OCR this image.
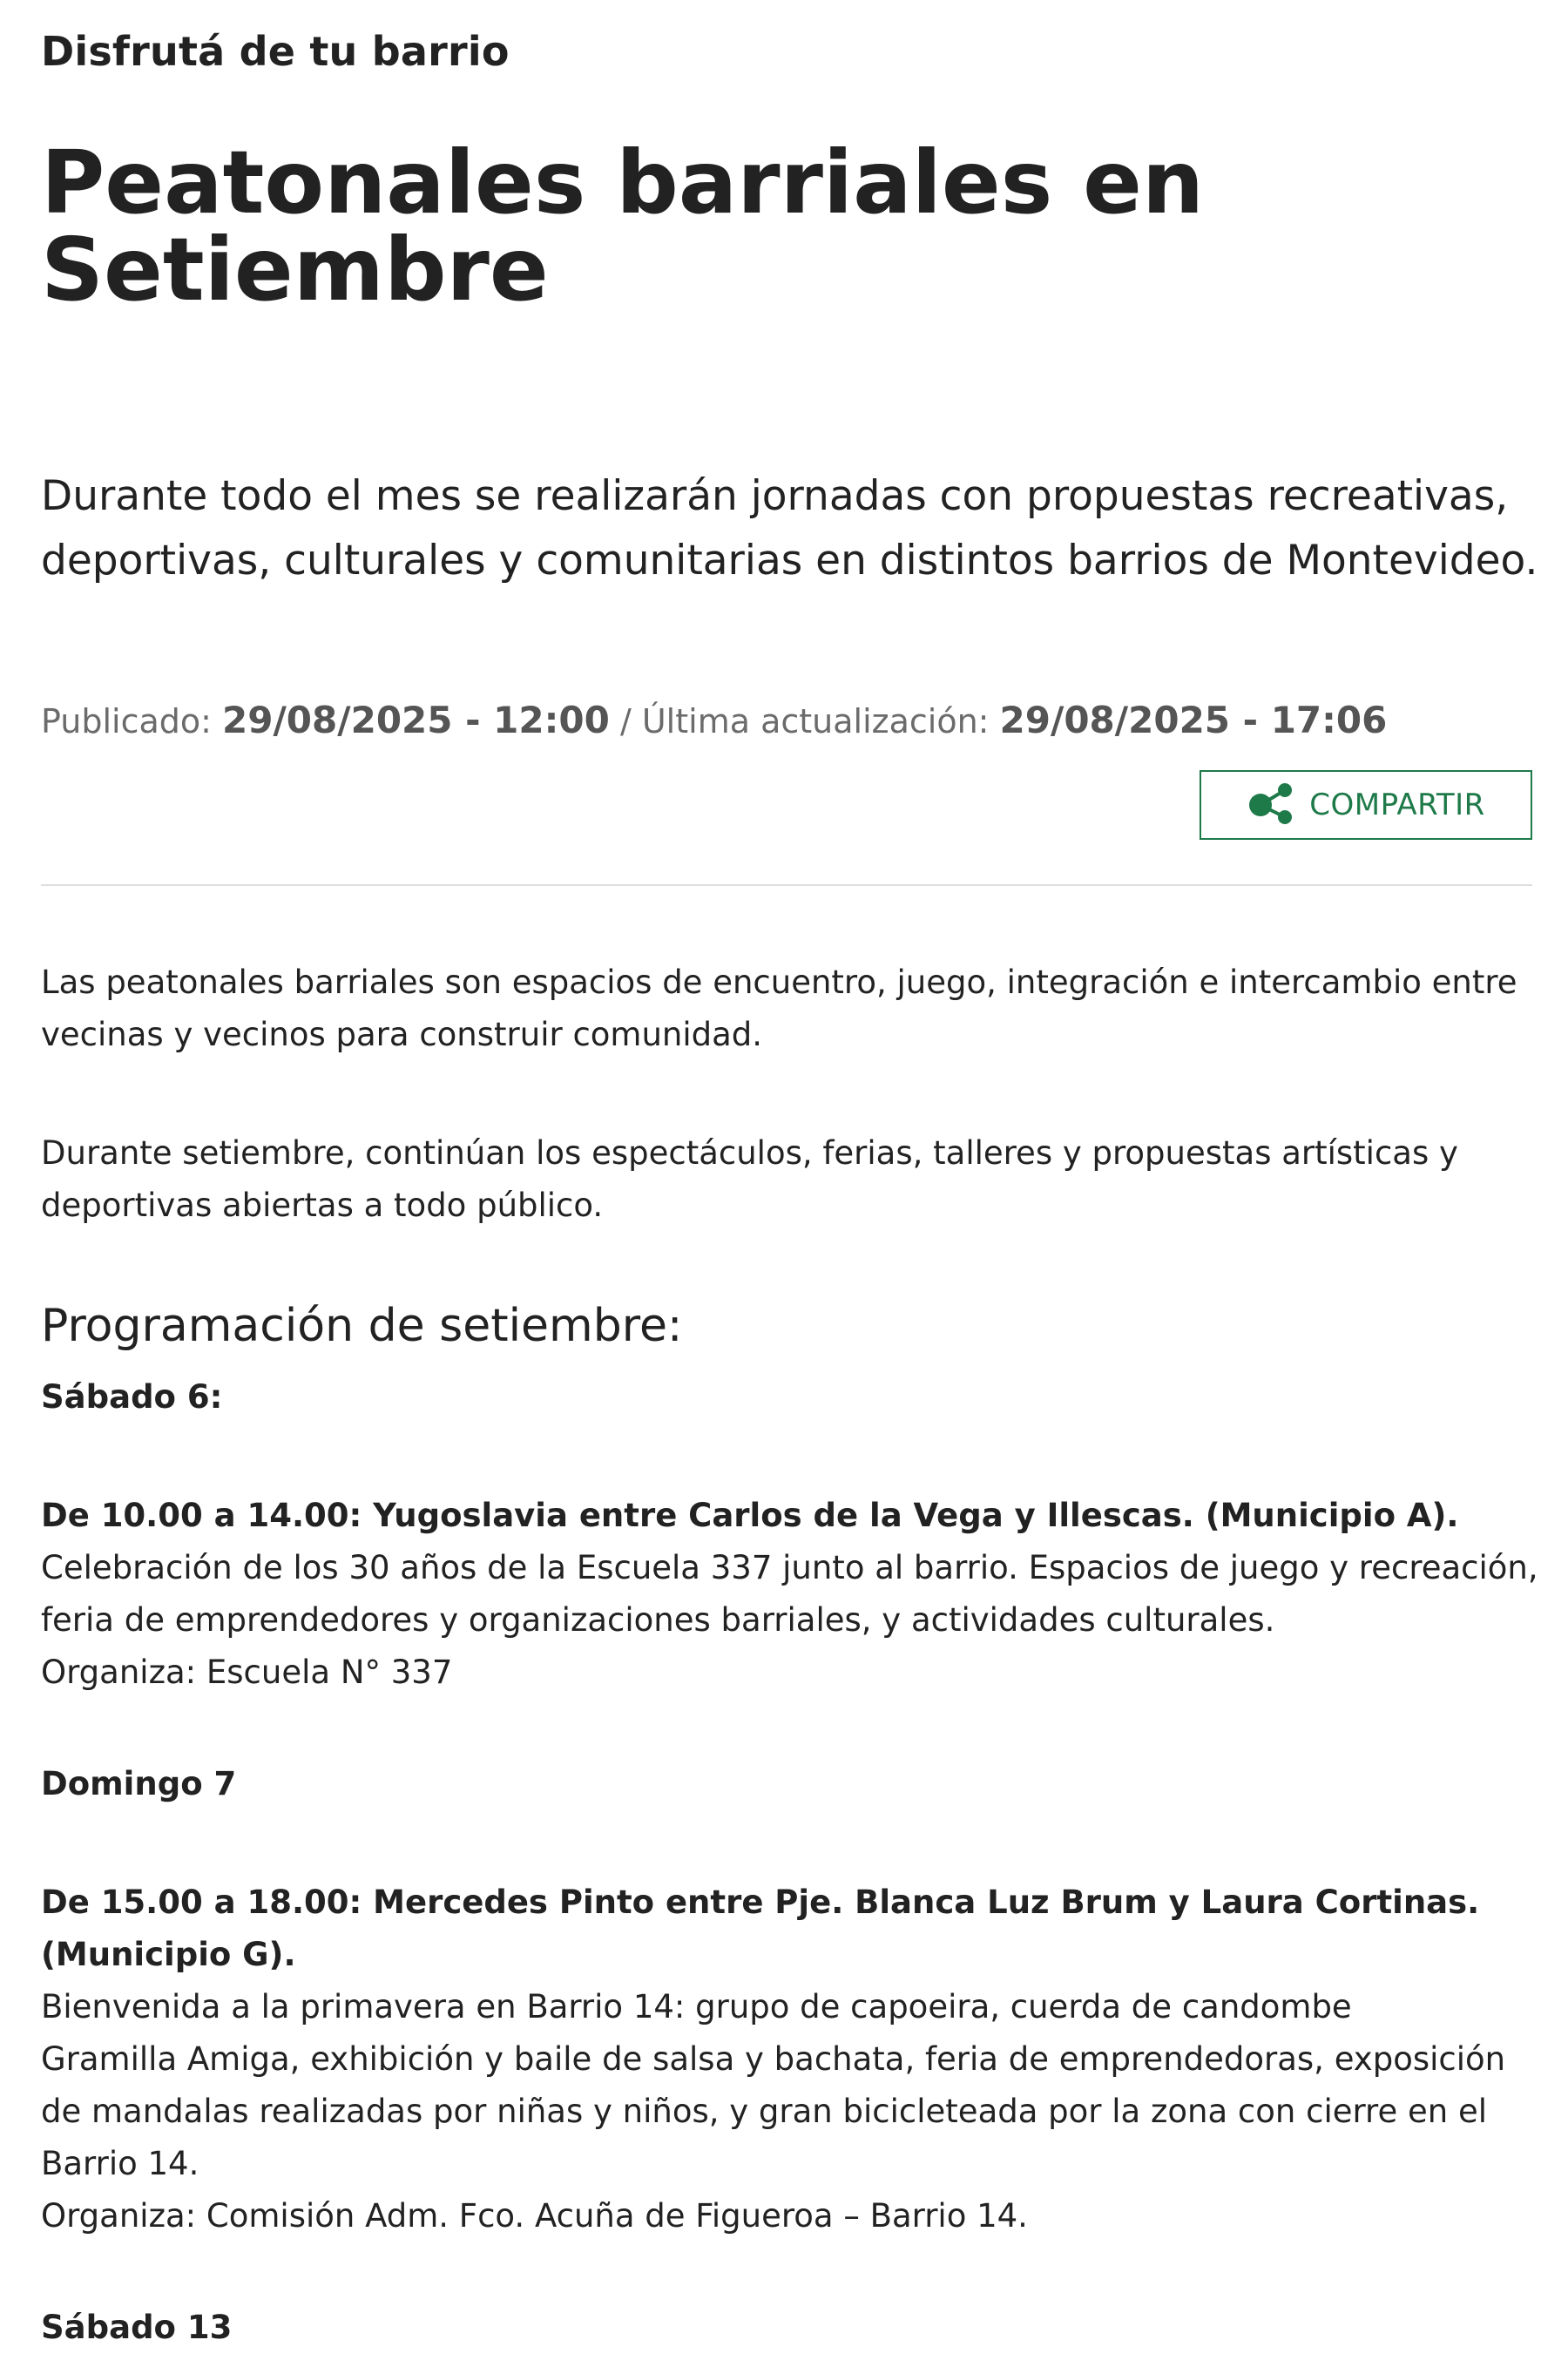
Disfrutá de tu barrio
Peatonales barriales en
Setiembre

Durante todo el mes se realizarán jornadas con propuestas recreativas, deportivas, culturales y comunitarias en distintos barrios de Montevideo.

Publicado: 29/08/2025 - 12:00 / Última actualización: 29/08/2025 - 17:06
COMPARTIR

Las peatonales barriales son espacios de encuentro, juego, integración e intercambio entre vecinas y vecinos para construir comunidad.

Durante setiembre, continúan los espectáculos, ferias, talleres y propuestas artísticas y deportivas abiertas a todo público.

Programación de setiembre:

Sábado 6:

De 10.00 a 14.00: Yugoslavia entre Carlos de la Vega y Illescas. (Municipio A).
Celebración de los 30 años de la Escuela 337 junto al barrio. Espacios de juego y recreación, feria de emprendedores y organizaciones barriales, y actividades culturales.
Organiza: Escuela N° 337

Domingo 7

De 15.00 a 18.00: Mercedes Pinto entre Pje. Blanca Luz Brum y Laura Cortinas. (Municipio G).
Bienvenida a la primavera en Barrio 14: grupo de capoeira, cuerda de candombe
Gramilla Amiga, exhibición y baile de salsa y bachata, feria de emprendedoras, exposición de mandalas realizadas por niñas y niños, y gran bicicleteada por la zona con cierre en el Barrio 14.
Organiza: Comisión Adm. Fco. Acuña de Figueroa – Barrio 14.

Sábado 13
